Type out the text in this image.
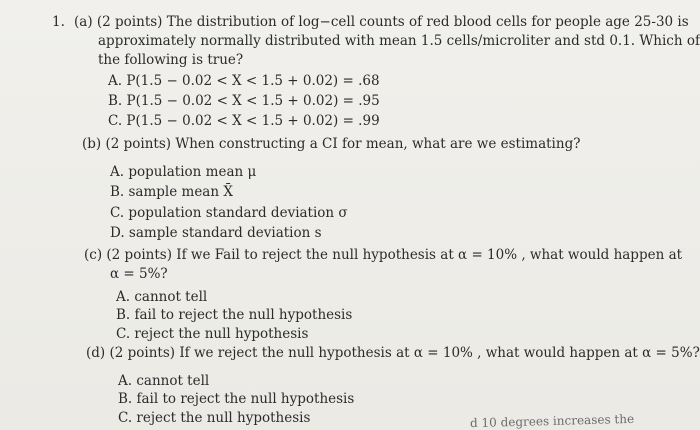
1. (a) (2 points) The distribution of log−cell counts of red blood cells for people age 25-30 is
approximately normally distributed with mean 1.5 cells/microliter and std 0.1. Which of
the following is true?
A. P(1.5 − 0.02 < X < 1.5 + 0.02) = .68
B. P(1.5 − 0.02 < X < 1.5 + 0.02) = .95
C. P(1.5 − 0.02 < X < 1.5 + 0.02) = .99
(b) (2 points) When constructing a CI for mean, what are we estimating?
A. population mean μ
B. sample mean X̄
C. population standard deviation σ
D. sample standard deviation s
(c) (2 points) If we Fail to reject the null hypothesis at α = 10% , what would happen at
α = 5%?
A. cannot tell
B. fail to reject the null hypothesis
C. reject the null hypothesis
(d) (2 points) If we reject the null hypothesis at α = 10% , what would happen at α = 5%?
A. cannot tell
B. fail to reject the null hypothesis
C. reject the null hypothesis	d 10 degrees increases the
